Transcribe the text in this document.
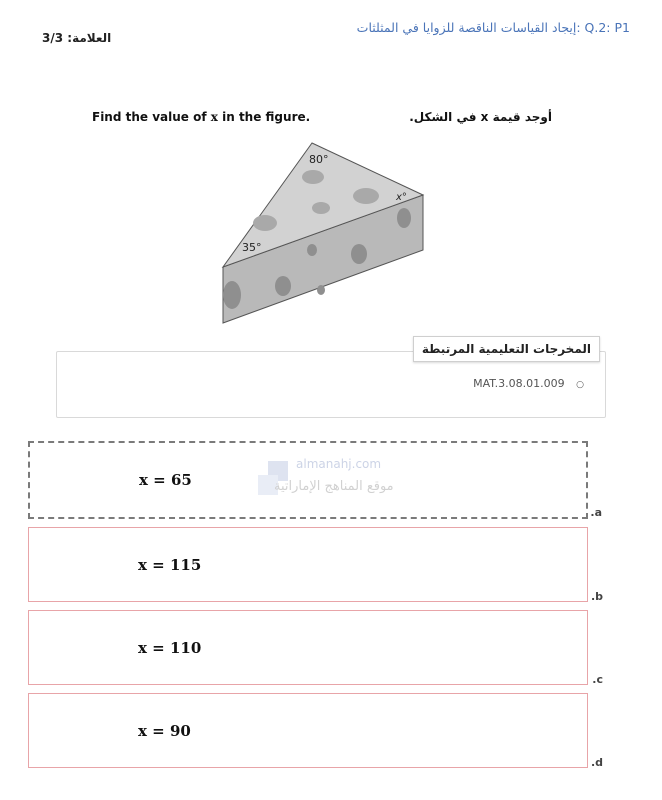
Q.2: P1 :إيجاد القياسات الناقصة للزوايا في المثلثات
العلامة: 3/3
Find the value of x in the figure.	أوجد قيمة x في الشكل.
80°
35°
x°
المخرجات التعليمية المرتبطة
MAT.3.08.01.009 ○
x = 65
.a
x = 115
.b
x = 110
.c
x = 90
.d
almanahj.com
موقع المناهج الإماراتية
